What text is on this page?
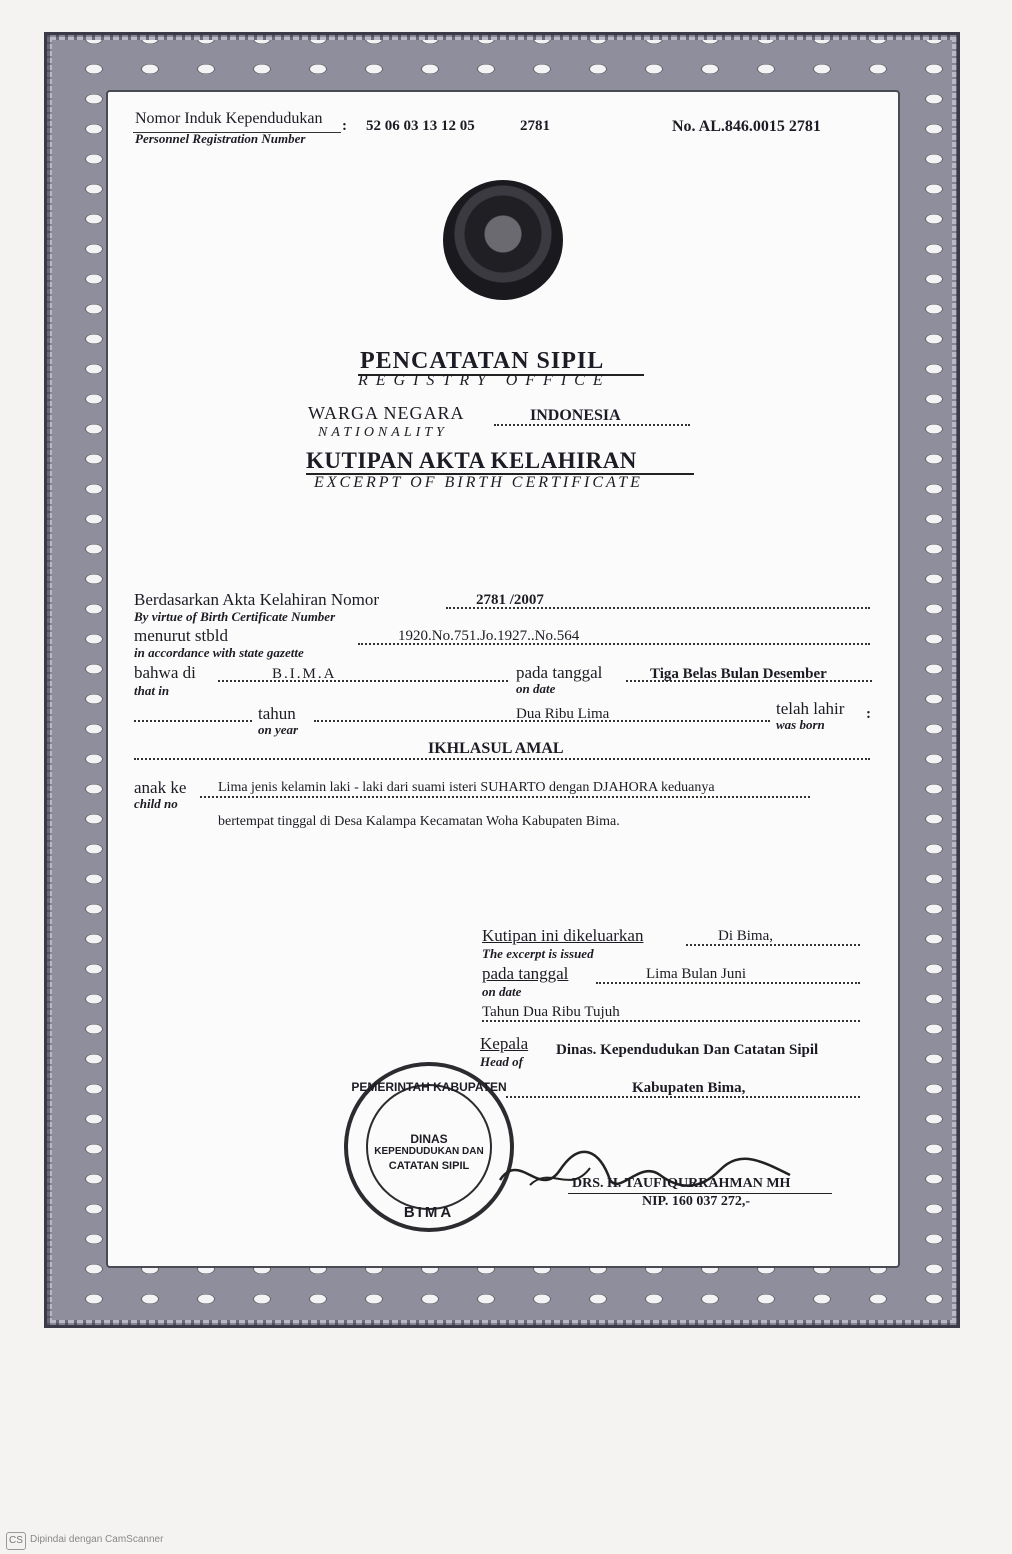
Nomor Induk Kependudukan
Personnel Registration Number
: 52 06 03 13 12 05	2781	No. AL.846.0015 2781
PENCATATAN SIPIL
REGISTRY OFFICE
WARGA NEGARA
NATIONALITY
INDONESIA
KUTIPAN AKTA KELAHIRAN
EXCERPT OF BIRTH CERTIFICATE
Berdasarkan Akta Kelahiran Nomor
By virtue of Birth Certificate Number
2781 /2007
menurut stbld
in accordance with state gazette
1920.No.751.Jo.1927..No.564
bahwa di
that in
B.I.M.A	pada tanggal
on date
Tiga Belas Bulan Desember
tahun
on year
Dua Ribu Lima	telah lahir
was born
:
IKHLASUL AMAL
anak ke
child no
Lima jenis kelamin laki - laki dari suami isteri SUHARTO dengan DJAHORA keduanya
bertempat tinggal di Desa Kalampa Kecamatan Woha Kabupaten Bima.
Kutipan ini dikeluarkan
The excerpt is issued
Di Bima,
pada tanggal
on date
Lima Bulan Juni
Tahun Dua Ribu Tujuh
Kepala
Head of
Dinas. Kependudukan Dan Catatan Sipil
Kabupaten Bima,
PEMERINTAH KABUPATEN
DINAS
KEPENDUDUKAN DAN
CATATAN SIPIL
BIMA
DRS. H. TAUFIQURRAHMAN MH
NIP. 160 037 272,-
CS Dipindai dengan CamScanner
